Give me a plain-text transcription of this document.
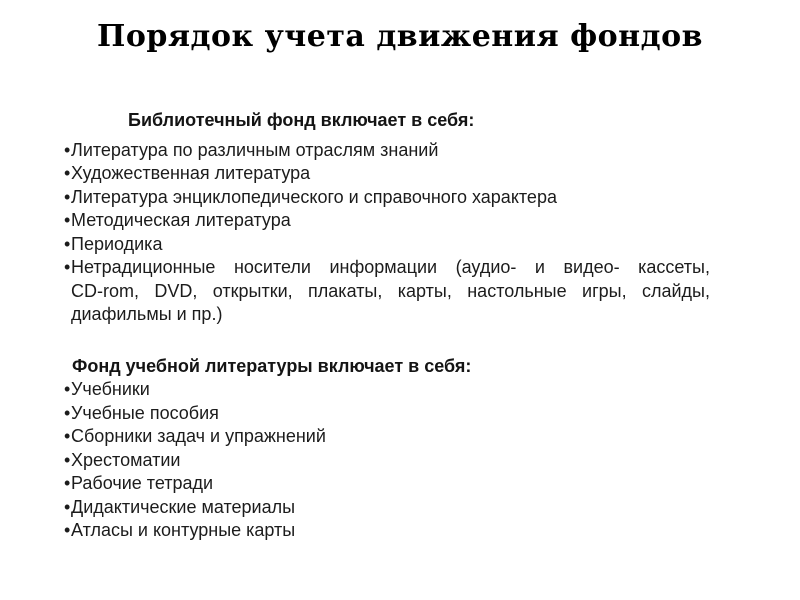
Порядок учета движения фондов
Библиотечный фонд включает в себя:
• Литература по различным отраслям знаний
• Художественная литература
• Литература энциклопедического и справочного характера
• Методическая литература
• Периодика
• Нетрадиционные носители информации (аудио- и видео- кассеты,
CD-rom, DVD, открытки, плакаты, карты, настольные игры, слайды,
диафильмы и пр.)
Фонд учебной литературы включает в себя:
• Учебники
• Учебные пособия
• Сборники задач и упражнений
• Хрестоматии
• Рабочие тетради
• Дидактические материалы
• Атласы и контурные карты
